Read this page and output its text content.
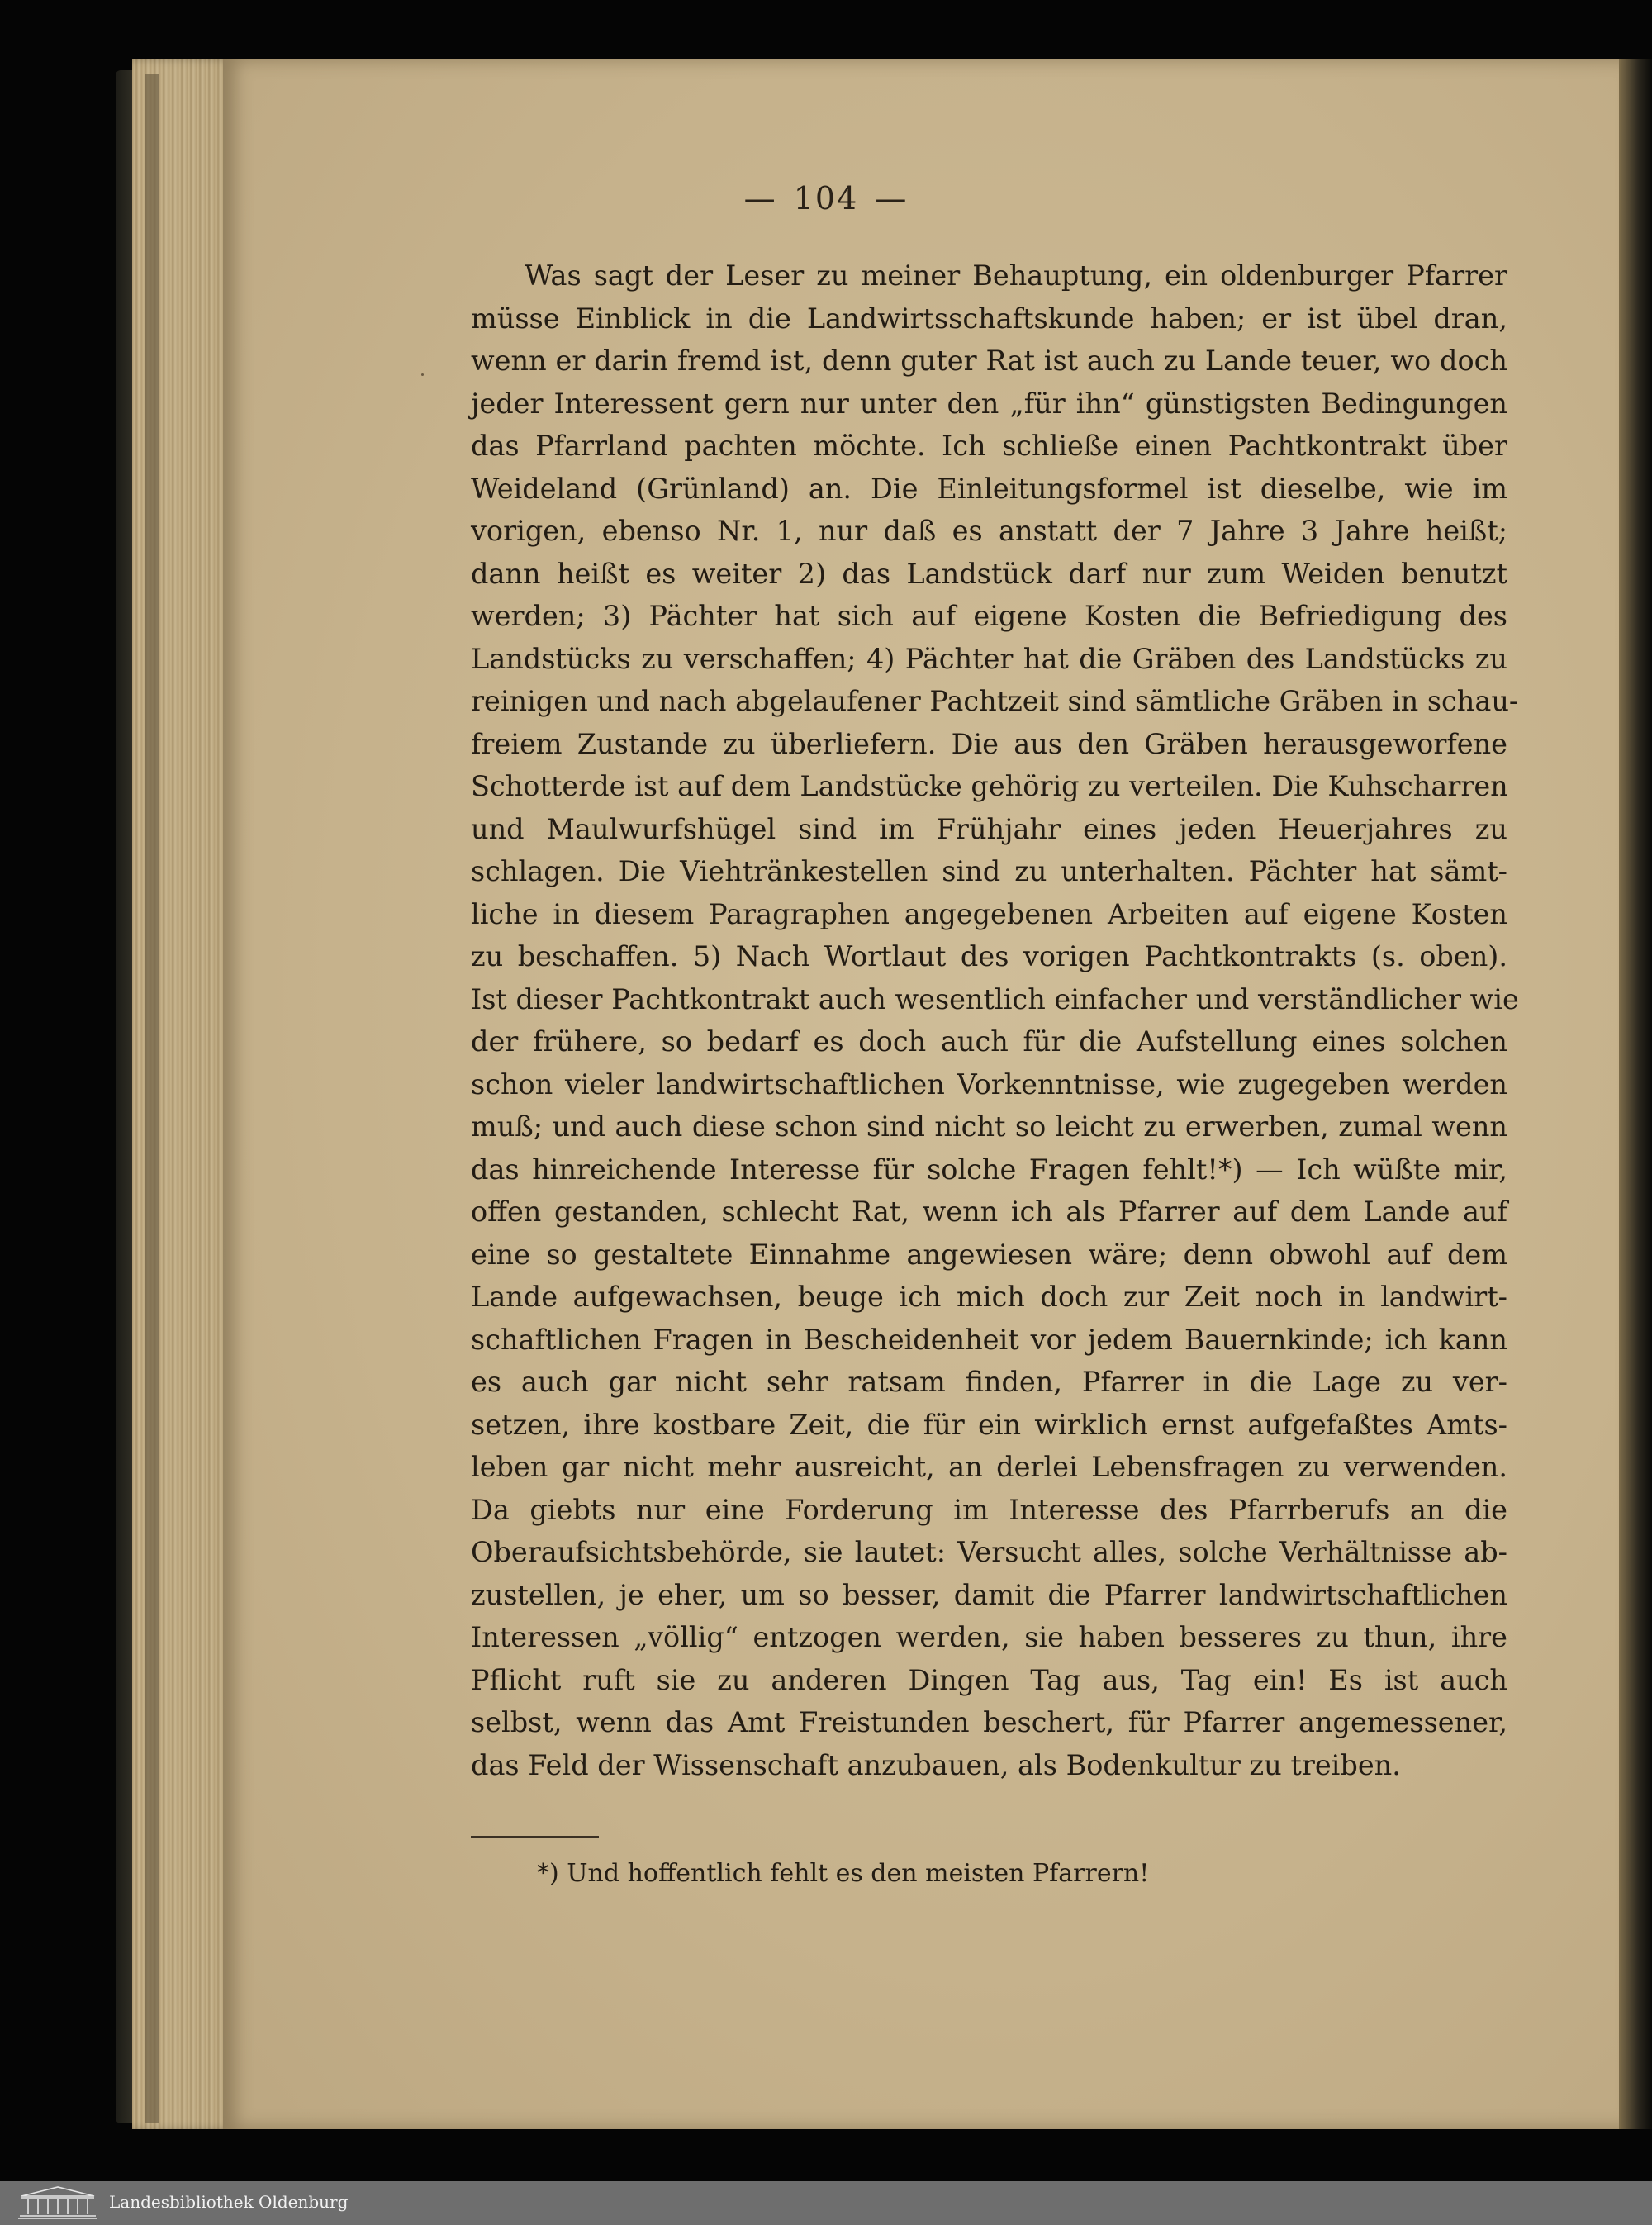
— 104 —
Was sagt der Leser zu meiner Behauptung, ein oldenburger Pfarrer
müsse Einblick in die Landwirtsschaftskunde haben; er ist übel dran,
wenn er darin fremd ist, denn guter Rat ist auch zu Lande teuer, wo doch
jeder Interessent gern nur unter den „für ihn“ günstigsten Bedingungen
das Pfarrland pachten möchte. Ich schließe einen Pachtkontrakt über
Weideland (Grünland) an. Die Einleitungsformel ist dieselbe, wie im
vorigen, ebenso Nr. 1, nur daß es anstatt der 7 Jahre 3 Jahre heißt;
dann heißt es weiter 2) das Landstück darf nur zum Weiden benutzt
werden; 3) Pächter hat sich auf eigene Kosten die Befriedigung des
Landstücks zu verschaffen; 4) Pächter hat die Gräben des Landstücks zu
reinigen und nach abgelaufener Pachtzeit sind sämtliche Gräben in schau-
freiem Zustande zu überliefern. Die aus den Gräben herausgeworfene
Schotterde ist auf dem Landstücke gehörig zu verteilen. Die Kuhscharren
und Maulwurfshügel sind im Frühjahr eines jeden Heuerjahres zu
schlagen. Die Viehtränkestellen sind zu unterhalten. Pächter hat sämt-
liche in diesem Paragraphen angegebenen Arbeiten auf eigene Kosten
zu beschaffen. 5) Nach Wortlaut des vorigen Pachtkontrakts (s. oben).
Ist dieser Pachtkontrakt auch wesentlich einfacher und verständlicher wie
der frühere, so bedarf es doch auch für die Aufstellung eines solchen
schon vieler landwirtschaftlichen Vorkenntnisse, wie zugegeben werden
muß; und auch diese schon sind nicht so leicht zu erwerben, zumal wenn
das hinreichende Interesse für solche Fragen fehlt!*) — Ich wüßte mir,
offen gestanden, schlecht Rat, wenn ich als Pfarrer auf dem Lande auf
eine so gestaltete Einnahme angewiesen wäre; denn obwohl auf dem
Lande aufgewachsen, beuge ich mich doch zur Zeit noch in landwirt-
schaftlichen Fragen in Bescheidenheit vor jedem Bauernkinde; ich kann
es auch gar nicht sehr ratsam finden, Pfarrer in die Lage zu ver-
setzen, ihre kostbare Zeit, die für ein wirklich ernst aufgefaßtes Amts-
leben gar nicht mehr ausreicht, an derlei Lebensfragen zu verwenden.
Da giebts nur eine Forderung im Interesse des Pfarrberufs an die
Oberaufsichtsbehörde, sie lautet: Versucht alles, solche Verhältnisse ab-
zustellen, je eher, um so besser, damit die Pfarrer landwirtschaftlichen
Interessen „völlig“ entzogen werden, sie haben besseres zu thun, ihre
Pflicht ruft sie zu anderen Dingen Tag aus, Tag ein! Es ist auch
selbst, wenn das Amt Freistunden beschert, für Pfarrer angemessener,
das Feld der Wissenschaft anzubauen, als Bodenkultur zu treiben.
*) Und hoffentlich fehlt es den meisten Pfarrern!
Landesbibliothek Oldenburg
